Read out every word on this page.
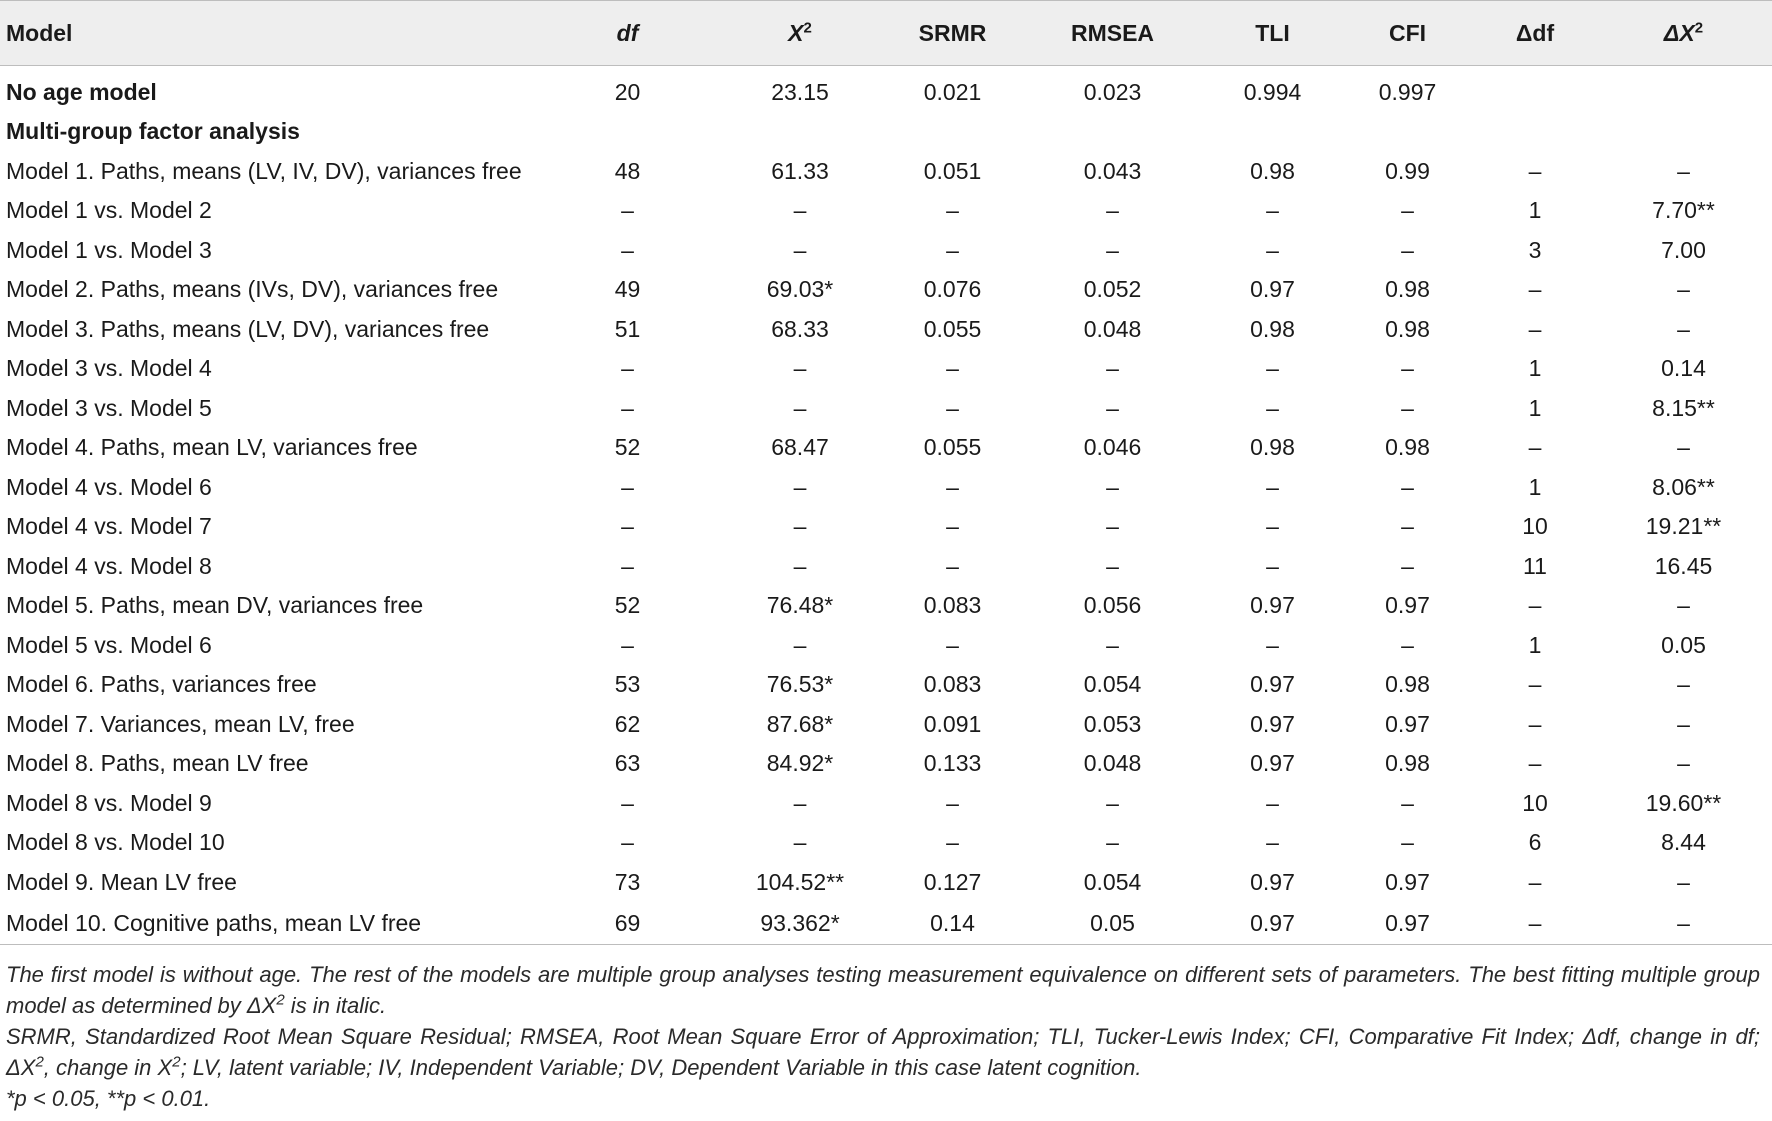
Model	df	$X^2$	SRMR	RMSEA	TLI	CFI	Δdf	$\Delta X^2$
No age model	20	23.15	0.021	0.023	0.994	0.997		
Multi-group factor analysis								
Model 1. Paths, means (LV, IV, DV), variances free	48	61.33	0.051	0.043	0.98	0.99	–	–
Model 1 vs. Model 2	–	–	–	–	–	–	1	7.70**
Model 1 vs. Model 3	–	–	–	–	–	–	3	7.00
Model 2. Paths, means (IVs, DV), variances free	49	69.03*	0.076	0.052	0.97	0.98	–	–
Model 3. Paths, means (LV, DV), variances free	51	68.33	0.055	0.048	0.98	0.98	–	–
Model 3 vs. Model 4	–	–	–	–	–	–	1	0.14
Model 3 vs. Model 5	–	–	–	–	–	–	1	8.15**
Model 4. Paths, mean LV, variances free	52	68.47	0.055	0.046	0.98	0.98	–	–
Model 4 vs. Model 6	–	–	–	–	–	–	1	8.06**
Model 4 vs. Model 7	–	–	–	–	–	–	10	19.21**
Model 4 vs. Model 8	–	–	–	–	–	–	11	16.45
Model 5. Paths, mean DV, variances free	52	76.48*	0.083	0.056	0.97	0.97	–	–
Model 5 vs. Model 6	–	–	–	–	–	–	1	0.05
Model 6. Paths, variances free	53	76.53*	0.083	0.054	0.97	0.98	–	–
Model 7. Variances, mean LV, free	62	87.68*	0.091	0.053	0.97	0.97	–	–
Model 8. Paths, mean LV free	63	84.92*	0.133	0.048	0.97	0.98	–	–
Model 8 vs. Model 9	–	–	–	–	–	–	10	19.60**
Model 8 vs. Model 10	–	–	–	–	–	–	6	8.44
Model 9. Mean LV free	73	104.52**	0.127	0.054	0.97	0.97	–	–
Model 10. Cognitive paths, mean LV free	69	93.362*	0.14	0.05	0.97	0.97	–	–

The first model is without age. The rest of the models are multiple group analyses testing measurement equivalence on different sets of parameters. The best fitting multiple group model as determined by $\Delta X^2$ is in italic.

SRMR, Standardized Root Mean Square Residual; RMSEA, Root Mean Square Error of Approximation; TLI, Tucker-Lewis Index; CFI, Comparative Fit Index; Δdf, change in df; $\Delta X^2$, change in $X^2$; LV, latent variable; IV, Independent Variable; DV, Dependent Variable in this case latent cognition.

*p < 0.05, **p < 0.01.
